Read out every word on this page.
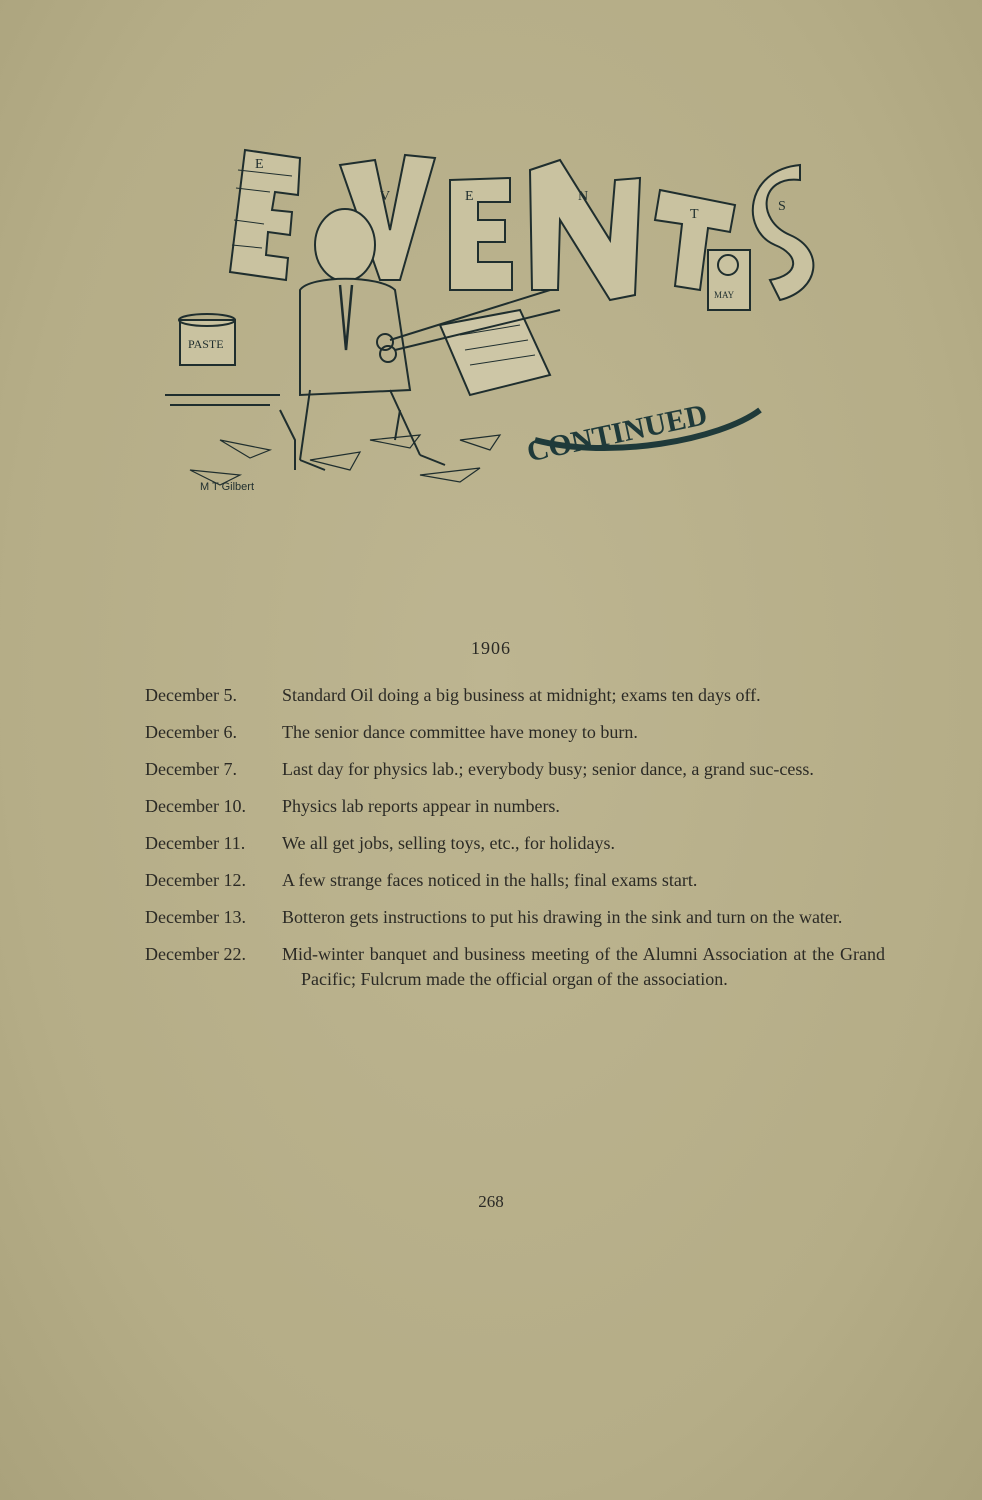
E
V	E	N
T
S
PASTE
MAY
CONTINUED
M T Gilbert
1906
December 5.	Standard Oil doing a big business at midnight; exams ten days off.
December 6.	The senior dance committee have money to burn.
December 7.	Last day for physics lab.; everybody busy; senior dance, a grand suc-cess.
December 10.	Physics lab reports appear in numbers.
December 11.	We all get jobs, selling toys, etc., for holidays.
December 12.	A few strange faces noticed in the halls; final exams start.
December 13.	Botteron gets instructions to put his drawing in the sink and turn on the water.
December 22.	Mid-winter banquet and business meeting of the Alumni Association at the Grand Pacific; Fulcrum made the official organ of the association.
268
